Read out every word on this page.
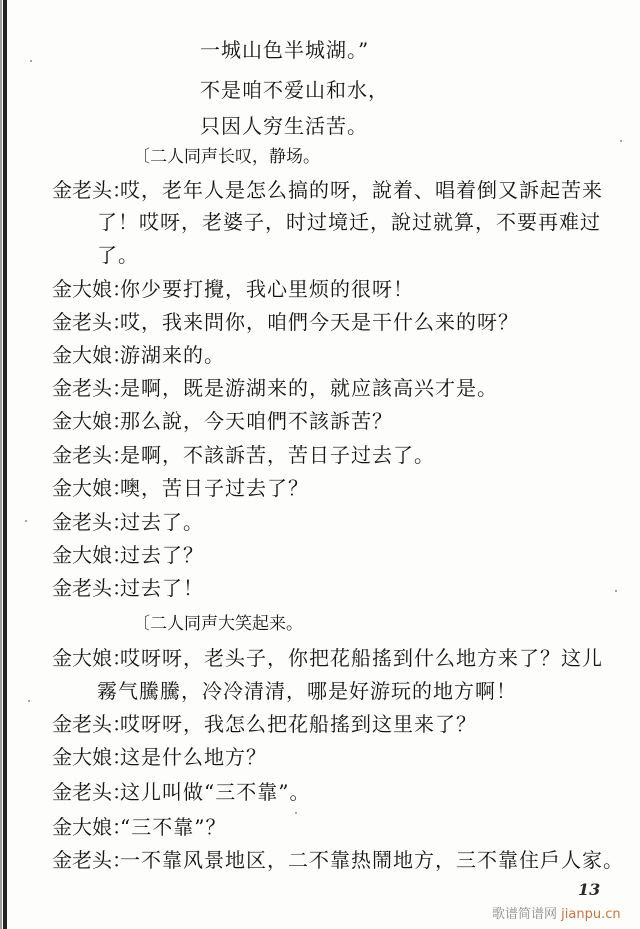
一城山色半城湖。”
不是咱不爱山和水，
只因人穷生活苦。
〔二人同声长叹，静场。
金老头：哎，老年人是怎么搞的呀，說着、唱着倒又訴起苦来
了！哎呀，老婆子，时过境迁，說过就算，不要再难过
了。
金大娘：你少要打攪，我心里烦的很呀！
金老头：哎，我来問你，咱們今天是干什么来的呀？
金大娘：游湖来的。
金老头：是啊，既是游湖来的，就应該高兴才是。
金大娘：那么說，今天咱們不該訴苦？
金老头：是啊，不該訴苦，苦日子过去了。
金大娘：噢，苦日子过去了？
金老头：过去了。
金大娘：过去了？
金老头：过去了！
〔二人同声大笑起来。
金大娘：哎呀呀，老头子，你把花船搖到什么地方来了？这儿
霧气騰騰，冷冷清清，哪是好游玩的地方啊！
金老头：哎呀呀，我怎么把花船搖到这里来了？
金大娘：这是什么地方？
金老头：这儿叫做“三不靠”。
金大娘：“三不靠”？
金老头：一不靠风景地区，二不靠热鬧地方，三不靠住戶人家。
13
歌谱简谱网 jianpu.cn
